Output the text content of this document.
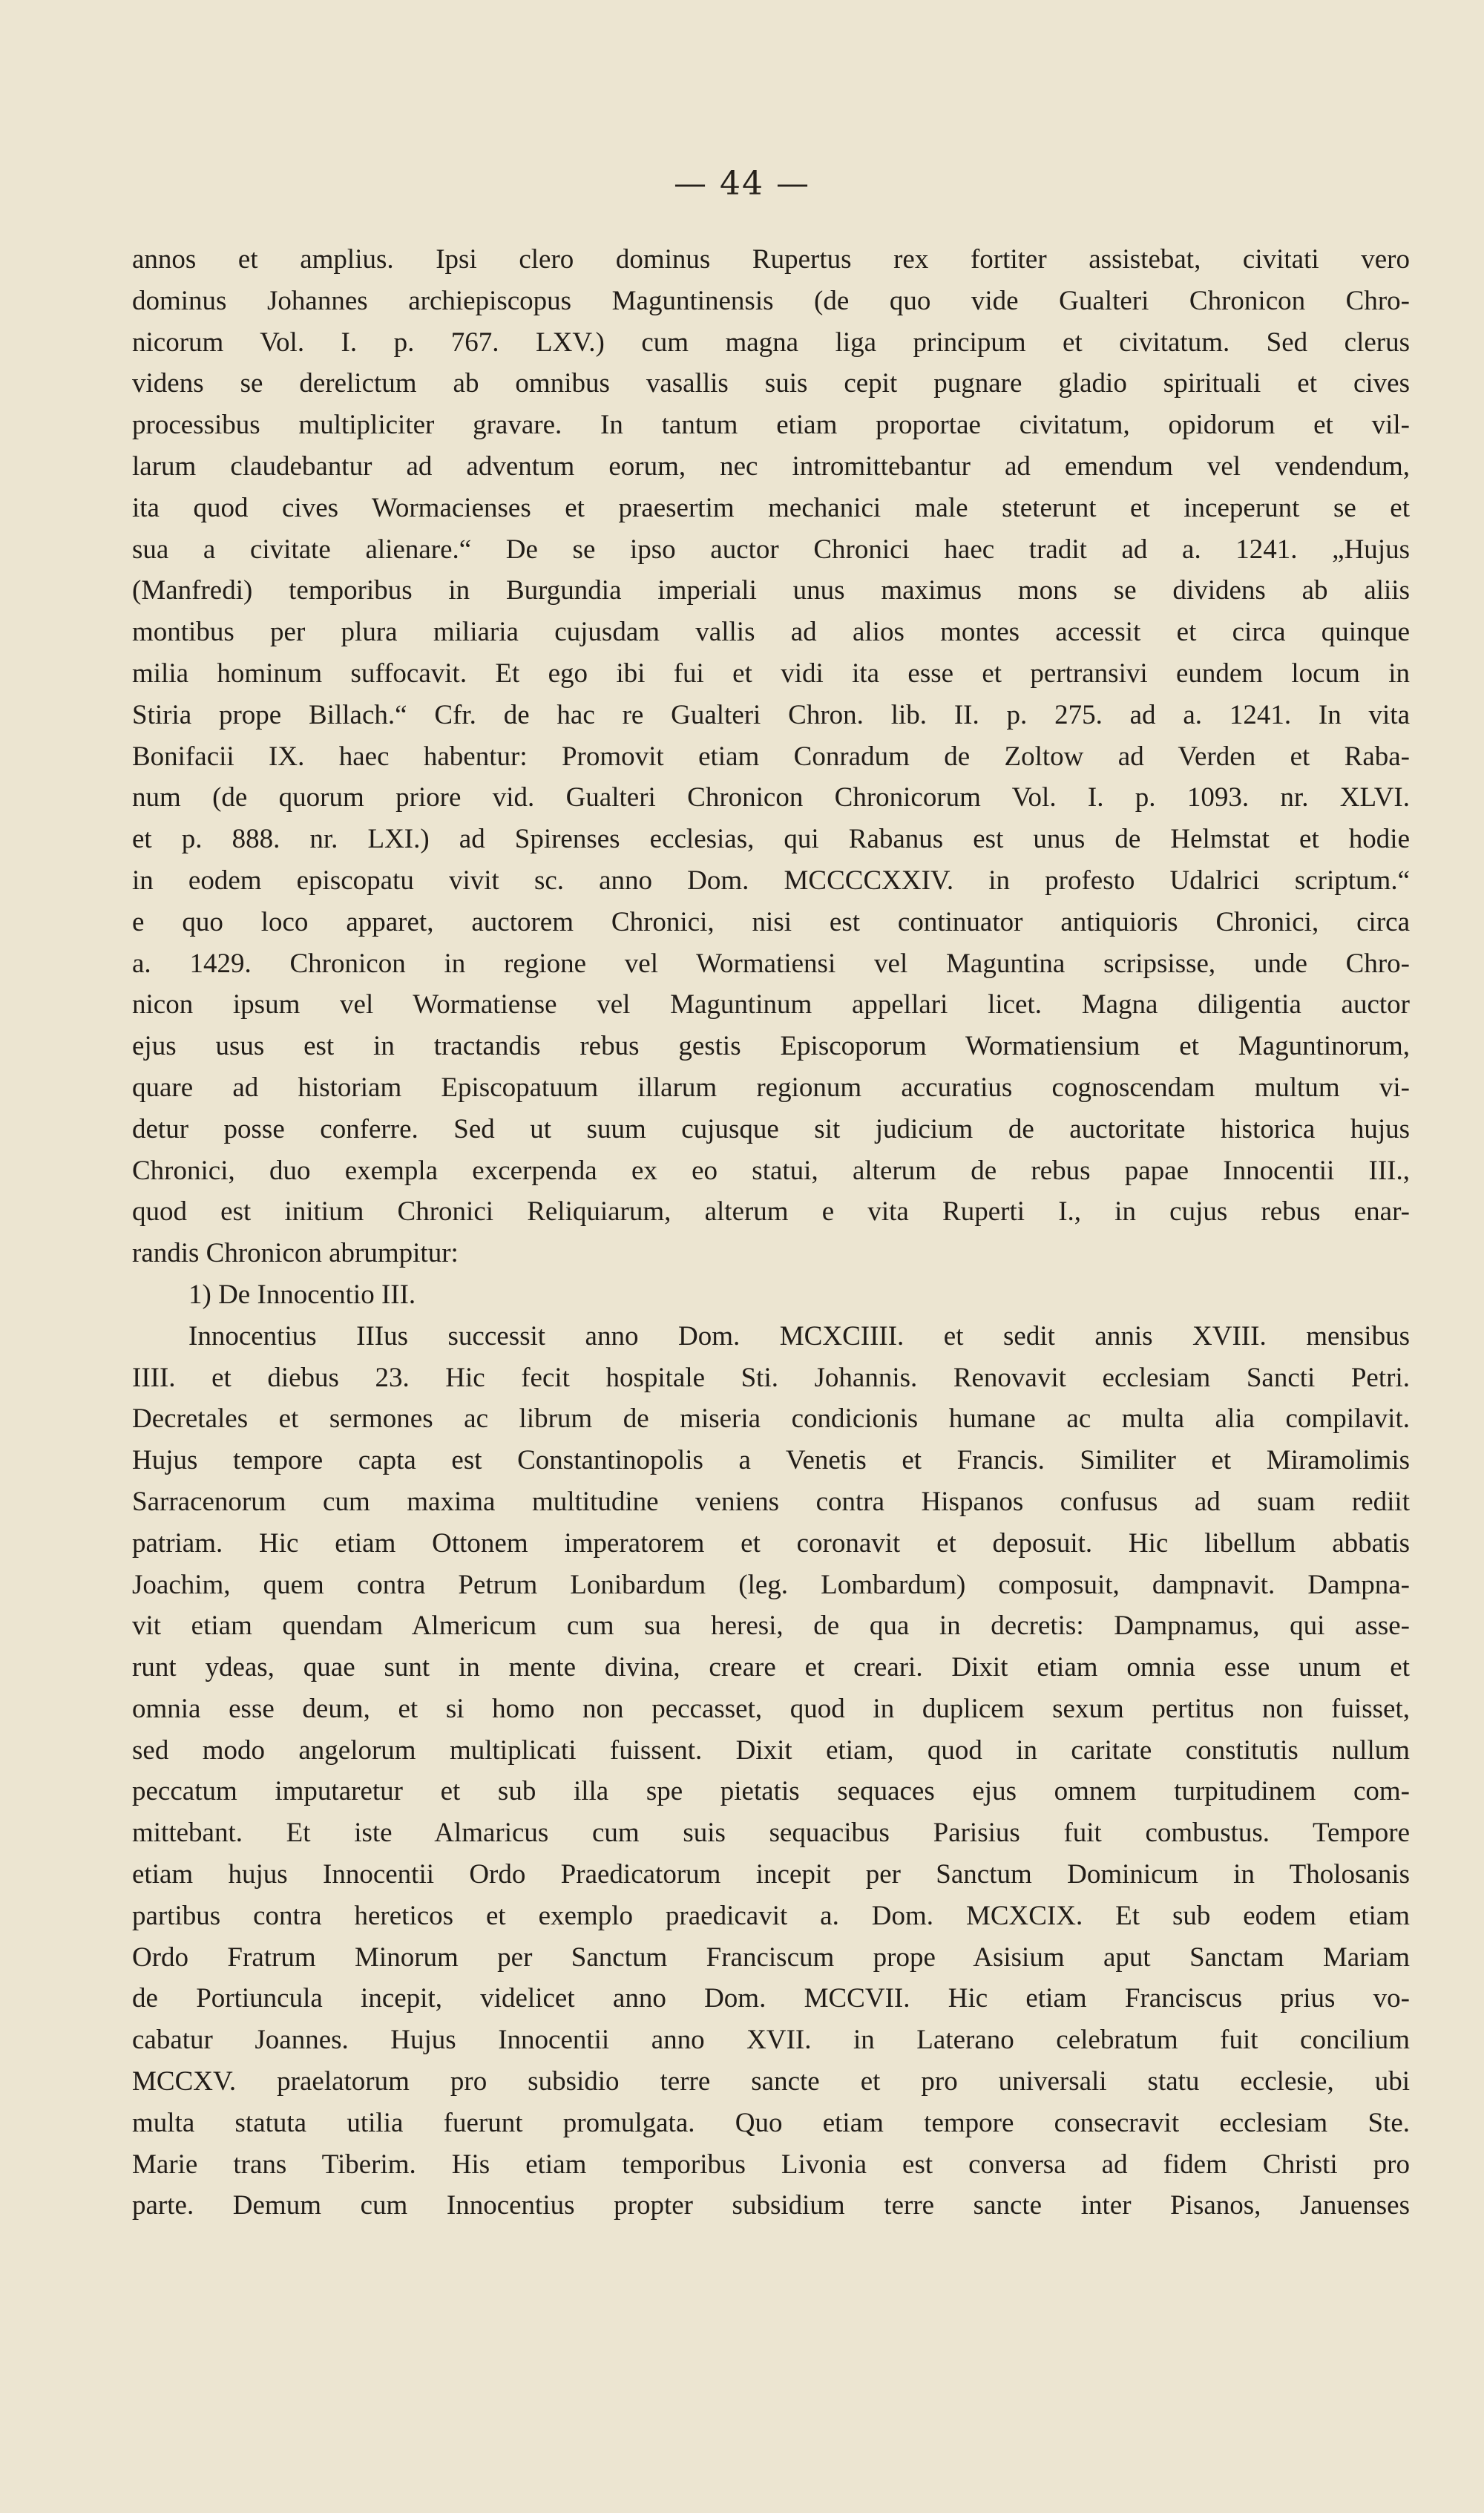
— 44 —
annos et amplius. Ipsi clero dominus Rupertus rex fortiter assistebat, civitati vero
dominus Johannes archiepiscopus Maguntinensis (de quo vide Gualteri Chronicon Chro-
nicorum Vol. I. p. 767. LXV.) cum magna liga principum et civitatum. Sed clerus
videns se derelictum ab omnibus vasallis suis cepit pugnare gladio spirituali et cives
processibus multipliciter gravare. In tantum etiam proportae civitatum, opidorum et vil-
larum claudebantur ad adventum eorum, nec intromittebantur ad emendum vel vendendum,
ita quod cives Wormacienses et praesertim mechanici male steterunt et inceperunt se et
sua a civitate alienare.“ De se ipso auctor Chronici haec tradit ad a. 1241. „Hujus
(Manfredi) temporibus in Burgundia imperiali unus maximus mons se dividens ab aliis
montibus per plura miliaria cujusdam vallis ad alios montes accessit et circa quinque
milia hominum suffocavit. Et ego ibi fui et vidi ita esse et pertransivi eundem locum in
Stiria prope Billach.“ Cfr. de hac re Gualteri Chron. lib. II. p. 275. ad a. 1241. In vita
Bonifacii IX. haec habentur: Promovit etiam Conradum de Zoltow ad Verden et Raba-
num (de quorum priore vid. Gualteri Chronicon Chronicorum Vol. I. p. 1093. nr. XLVI.
et p. 888. nr. LXI.) ad Spirenses ecclesias, qui Rabanus est unus de Helmstat et hodie
in eodem episcopatu vivit sc. anno Dom. MCCCCXXIV. in profesto Udalrici scriptum.“
e quo loco apparet, auctorem Chronici, nisi est continuator antiquioris Chronici, circa
a. 1429. Chronicon in regione vel Wormatiensi vel Maguntina scripsisse, unde Chro-
nicon ipsum vel Wormatiense vel Maguntinum appellari licet. Magna diligentia auctor
ejus usus est in tractandis rebus gestis Episcoporum Wormatiensium et Maguntinorum,
quare ad historiam Episcopatuum illarum regionum accuratius cognoscendam multum vi-
detur posse conferre. Sed ut suum cujusque sit judicium de auctoritate historica hujus
Chronici, duo exempla excerpenda ex eo statui, alterum de rebus papae Innocentii III.,
quod est initium Chronici Reliquiarum, alterum e vita Ruperti I., in cujus rebus enar-
randis Chronicon abrumpitur:
1) De Innocentio III.
Innocentius IIIus successit anno Dom. MCXCIIII. et sedit annis XVIII. mensibus
IIII. et diebus 23. Hic fecit hospitale Sti. Johannis. Renovavit ecclesiam Sancti Petri.
Decretales et sermones ac librum de miseria condicionis humane ac multa alia compilavit.
Hujus tempore capta est Constantinopolis a Venetis et Francis. Similiter et Miramolimis
Sarracenorum cum maxima multitudine veniens contra Hispanos confusus ad suam rediit
patriam. Hic etiam Ottonem imperatorem et coronavit et deposuit. Hic libellum abbatis
Joachim, quem contra Petrum Lonibardum (leg. Lombardum) composuit, dampnavit. Dampna-
vit etiam quendam Almericum cum sua heresi, de qua in decretis: Dampnamus, qui asse-
runt ydeas, quae sunt in mente divina, creare et creari. Dixit etiam omnia esse unum et
omnia esse deum, et si homo non peccasset, quod in duplicem sexum pertitus non fuisset,
sed modo angelorum multiplicati fuissent. Dixit etiam, quod in caritate constitutis nullum
peccatum imputaretur et sub illa spe pietatis sequaces ejus omnem turpitudinem com-
mittebant. Et iste Almaricus cum suis sequacibus Parisius fuit combustus. Tempore
etiam hujus Innocentii Ordo Praedicatorum incepit per Sanctum Dominicum in Tholosanis
partibus contra hereticos et exemplo praedicavit a. Dom. MCXCIX. Et sub eodem etiam
Ordo Fratrum Minorum per Sanctum Franciscum prope Asisium aput Sanctam Mariam
de Portiuncula incepit, videlicet anno Dom. MCCVII. Hic etiam Franciscus prius vo-
cabatur Joannes. Hujus Innocentii anno XVII. in Laterano celebratum fuit concilium
MCCXV. praelatorum pro subsidio terre sancte et pro universali statu ecclesie, ubi
multa statuta utilia fuerunt promulgata. Quo etiam tempore consecravit ecclesiam Ste.
Marie trans Tiberim. His etiam temporibus Livonia est conversa ad fidem Christi pro
parte. Demum cum Innocentius propter subsidium terre sancte inter Pisanos, Januenses
